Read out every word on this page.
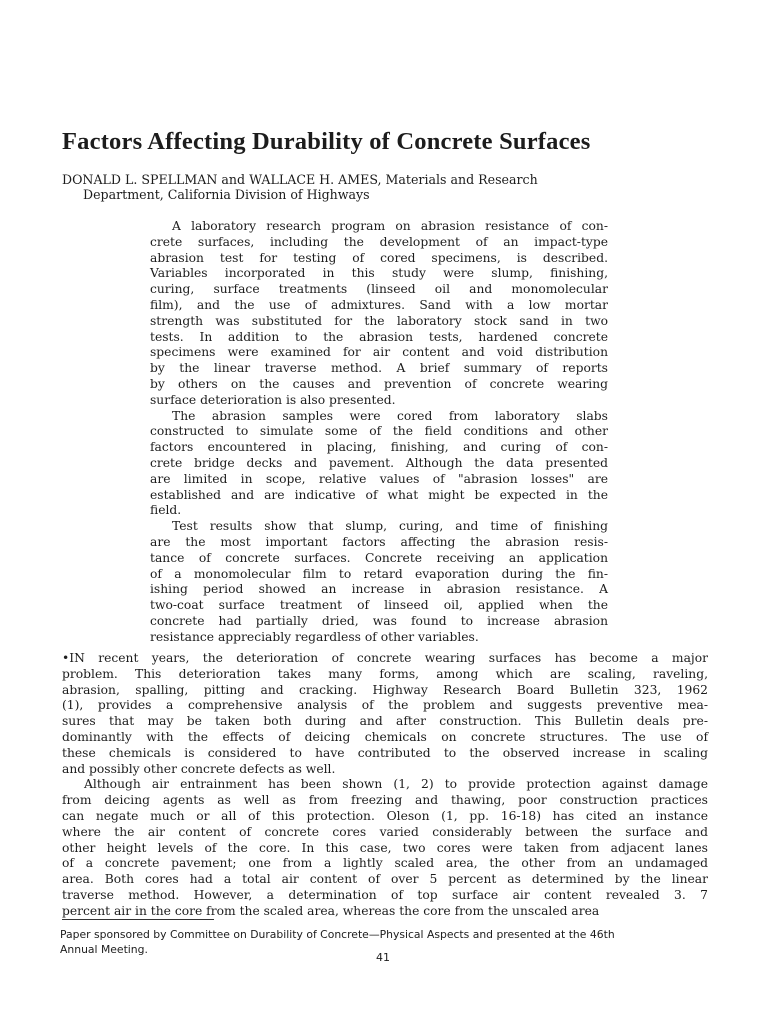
Factors Affecting Durability of Concrete Surfaces
DONALD L. SPELLMAN and WALLACE H. AMES, Materials and Research
Department, California Division of Highways
A laboratory research program on abrasion resistance of con-
crete surfaces, including the development of an impact-type
abrasion test for testing of cored specimens, is described.
Variables incorporated in this study were slump, finishing,
curing, surface treatments (linseed oil and monomolecular
film), and the use of admixtures. Sand with a low mortar
strength was substituted for the laboratory stock sand in two
tests. In addition to the abrasion tests, hardened concrete
specimens were examined for air content and void distribution
by the linear traverse method. A brief summary of reports
by others on the causes and prevention of concrete wearing
surface deterioration is also presented.
The abrasion samples were cored from laboratory slabs
constructed to simulate some of the field conditions and other
factors encountered in placing, finishing, and curing of con-
crete bridge decks and pavement. Although the data presented
are limited in scope, relative values of "abrasion losses" are
established and are indicative of what might be expected in the
field.
Test results show that slump, curing, and time of finishing
are the most important factors affecting the abrasion resis-
tance of concrete surfaces. Concrete receiving an application
of a monomolecular film to retard evaporation during the fin-
ishing period showed an increase in abrasion resistance. A
two-coat surface treatment of linseed oil, applied when the
concrete had partially dried, was found to increase abrasion
resistance appreciably regardless of other variables.
•IN recent years, the deterioration of concrete wearing surfaces has become a major
problem. This deterioration takes many forms, among which are scaling, raveling,
abrasion, spalling, pitting and cracking. Highway Research Board Bulletin 323, 1962
(1), provides a comprehensive analysis of the problem and suggests preventive mea-
sures that may be taken both during and after construction. This Bulletin deals pre-
dominantly with the effects of deicing chemicals on concrete structures. The use of
these chemicals is considered to have contributed to the observed increase in scaling
and possibly other concrete defects as well.
Although air entrainment has been shown (1, 2) to provide protection against damage
from deicing agents as well as from freezing and thawing, poor construction practices
can negate much or all of this protection. Oleson (1, pp. 16-18) has cited an instance
where the air content of concrete cores varied considerably between the surface and
other height levels of the core. In this case, two cores were taken from adjacent lanes
of a concrete pavement; one from a lightly scaled area, the other from an undamaged
area. Both cores had a total air content of over 5 percent as determined by the linear
traverse method. However, a determination of top surface air content revealed 3. 7
percent air in the core from the scaled area, whereas the core from the unscaled area
Paper sponsored by Committee on Durability of Concrete—Physical Aspects and presented at the 46th
Annual Meeting.
41
